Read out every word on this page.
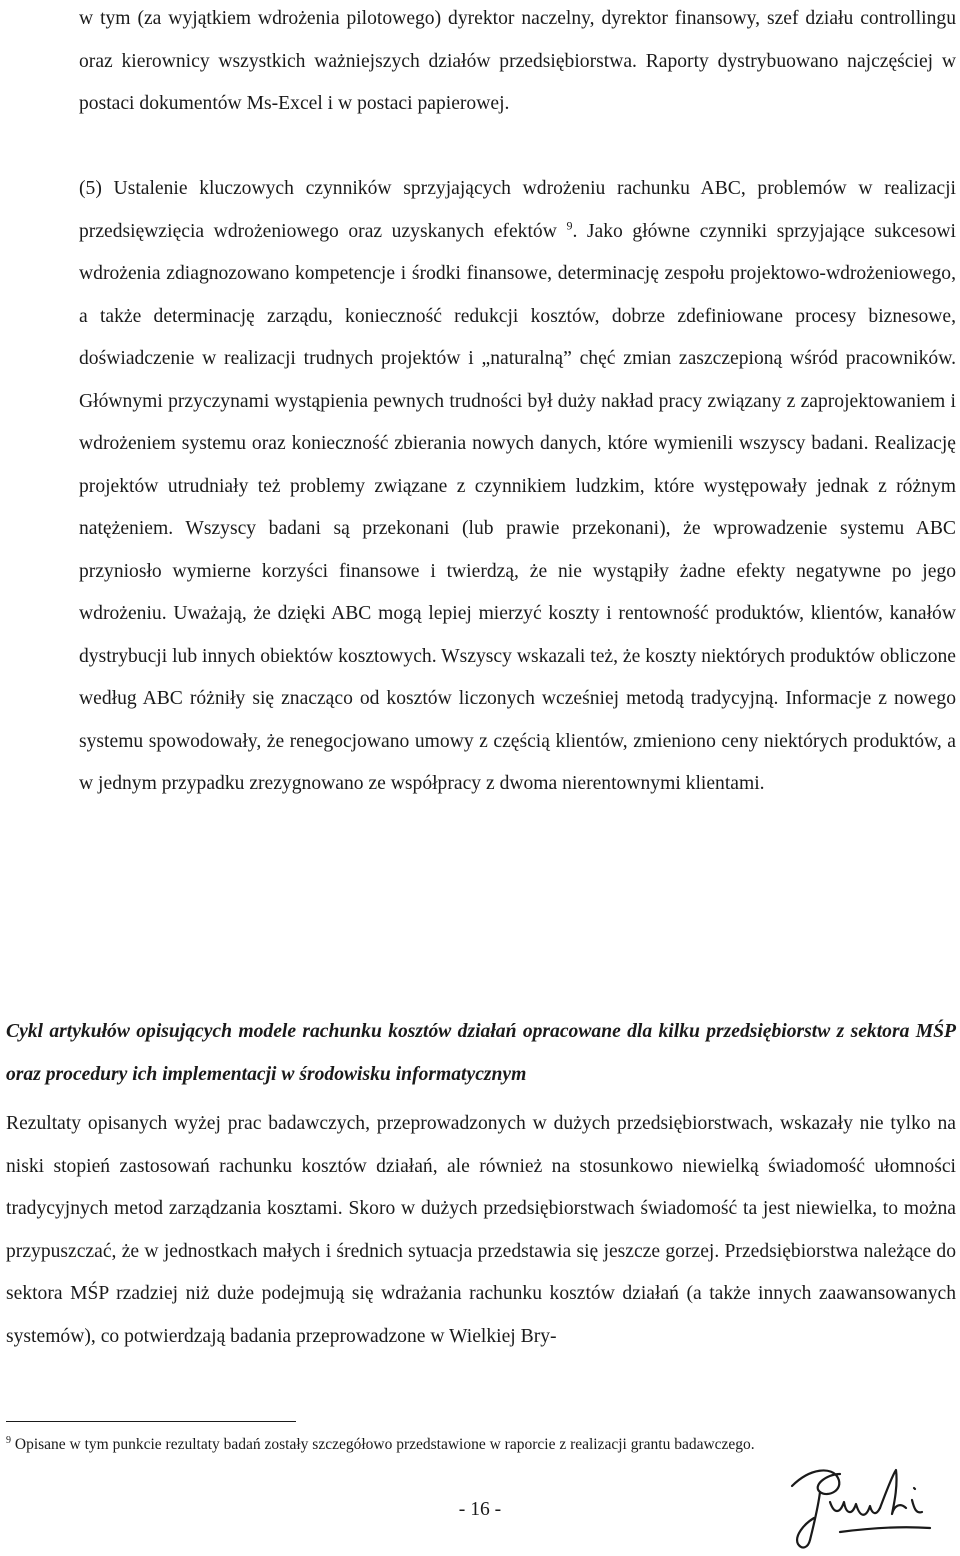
w tym (za wyjątkiem wdrożenia pilotowego) dyrektor naczelny, dyrektor finansowy, szef działu controllingu oraz kierownicy wszystkich ważniejszych działów przedsiębiorstwa. Raporty dystrybuowano najczęściej w postaci dokumentów Ms-Excel i w postaci papierowej.

(5) Ustalenie kluczowych czynników sprzyjających wdrożeniu rachunku ABC, problemów w realizacji przedsięwzięcia wdrożeniowego oraz uzyskanych efektów $^9$. Jako główne czynniki sprzyjające sukcesowi wdrożenia zdiagnozowano kompetencje i środki finansowe, determinację zespołu projektowo-wdrożeniowego, a także determinację zarządu, konieczność redukcji kosztów, dobrze zdefiniowane procesy biznesowe, doświadczenie w realizacji trudnych projektów i „naturalną” chęć zmian zaszczepioną wśród pracowników. Głównymi przyczynami wystąpienia pewnych trudności był duży nakład pracy związany z zaprojektowaniem i wdrożeniem systemu oraz konieczność zbierania nowych danych, które wymienili wszyscy badani. Realizację projektów utrudniały też problemy związane z czynnikiem ludzkim, które występowały jednak z różnym natężeniem. Wszyscy badani są przekonani (lub prawie przekonani), że wprowadzenie systemu ABC przyniosło wymierne korzyści finansowe i twierdzą, że nie wystąpiły żadne efekty negatywne po jego wdrożeniu. Uważają, że dzięki ABC mogą lepiej mierzyć koszty i rentowność produktów, klientów, kanałów dystrybucji lub innych obiektów kosztowych. Wszyscy wskazali też, że koszty niektórych produktów obliczone według ABC różniły się znacząco od kosztów liczonych wcześniej metodą tradycyjną. Informacje z nowego systemu spowodowały, że renegocjowano umowy z częścią klientów, zmieniono ceny niektórych produktów, a w jednym przypadku zrezygnowano ze współpracy z dwoma nierentownymi klientami.

Cykl artykułów opisujących modele rachunku kosztów działań opracowane dla kilku przedsiębiorstw z sektora MŚP oraz procedury ich implementacji w środowisku informatycznym

Rezultaty opisanych wyżej prac badawczych, przeprowadzonych w dużych przedsiębiorstwach, wskazały nie tylko na niski stopień zastosowań rachunku kosztów działań, ale również na stosunkowo niewielką świadomość ułomności tradycyjnych metod zarządzania kosztami. Skoro w dużych przedsiębiorstwach świadomość ta jest niewielka, to można przypuszczać, że w jednostkach małych i średnich sytuacja przedstawia się jeszcze gorzej. Przedsiębiorstwa należące do sektora MŚP rzadziej niż duże podejmują się wdrażania rachunku kosztów działań (a także innych zaawansowanych systemów), co potwierdzają badania przeprowadzone w Wielkiej Bry-

$^9$ Opisane w tym punkcie rezultaty badań zostały szczegółowo przedstawione w raporcie z realizacji grantu badawczego.

- 16 -
